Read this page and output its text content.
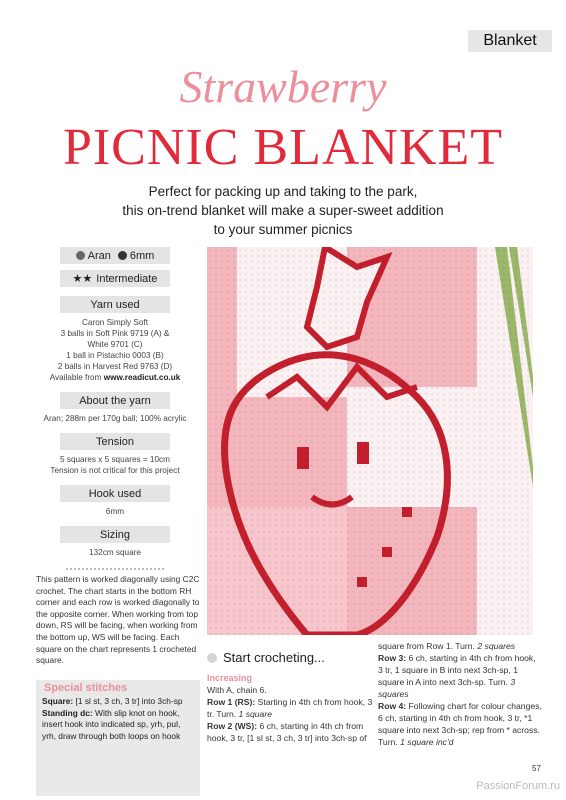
Blanket
Strawberry
PICNIC BLANKET
Perfect for packing up and taking to the park,
this on-trend blanket will make a super-sweet addition
to your summer picnics
Aran 6mm
★★ Intermediate
Yarn used
Caron Simply Soft
3 balls in Soft Pink 9719 (A) &
White 9701 (C)
1 ball in Pistachio 0003 (B)
2 balls in Harvest Red 9763 (D)
Available from www.readicut.co.uk
About the yarn
Aran; 288m per 170g ball; 100% acrylic
Tension
5 squares x 5 squares = 10cm
Tension is not critical for this project
Hook used
6mm
Sizing
132cm square
This pattern is worked diagonally using C2C crochet. The chart starts in the bottom RH corner and each row is worked diagonally to the opposite corner. When working from top down, RS will be facing, when working from the bottom up, WS will be facing. Each square on the chart represents 1 crocheted square.
Special stitches
Square: [1 sl st, 3 ch, 3 tr] into 3ch-sp
Standing dc: With slip knot on hook, insert hook into indicated sp, yrh, pul, yrh, draw through both loops on hook
Start crocheting...
Increasing
With A, chain 6.
Row 1 (RS): Starting in 4th ch from hook, 3 tr. Turn. 1 square
Row 2 (WS): 6 ch, starting in 4th ch from hook, 3 tr, [1 sl st, 3 ch, 3 tr] into 3ch-sp of
square from Row 1. Turn. 2 squares
Row 3: 6 ch, starting in 4th ch from hook, 3 tr, 1 square in B into next 3ch-sp, 1 square in A into next 3ch-sp. Turn. 3 squares
Row 4: Following chart for colour changes, 6 ch, starting in 4th ch from hook, 3 tr, *1 square into next 3ch-sp; rep from * across. Turn. 1 square inc'd
57
PassionForum.ru
